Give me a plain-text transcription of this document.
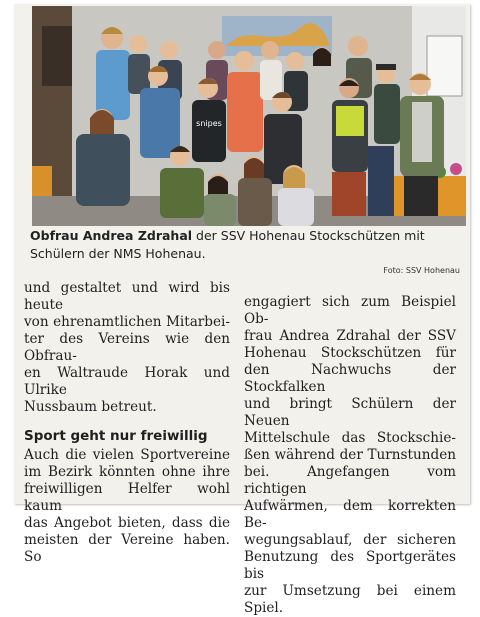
snipes
Obfrau Andrea Zdrahal der SSV Hohenau Stockschützen mit Schülern der NMS Hohenau.
Foto: SSV Hohenau

und gestaltet und wird bis heute
von ehrenamtlichen Mitarbei-
ter des Vereins wie den Obfrau-
en Waltraude Horak und Ulrike
Nussbaum betreut.

Sport geht nur freiwillig

Auch die vielen Sportvereine
im Bezirk könnten ohne ihre
freiwilligen Helfer wohl kaum
das Angebot bieten, dass die
meisten der Vereine haben. So

engagiert sich zum Beispiel Ob-
frau Andrea Zdrahal der SSV
Hohenau Stockschützen für
den Nachwuchs der Stockfalken
und bringt Schülern der Neuen
Mittelschule das Stockschie-
ßen während der Turnstunden
bei. Angefangen vom richtigen
Aufwärmen, dem korrekten Be-
wegungsablauf, der sicheren
Benutzung des Sportgerätes bis
zur Umsetzung bei einem Spiel.
